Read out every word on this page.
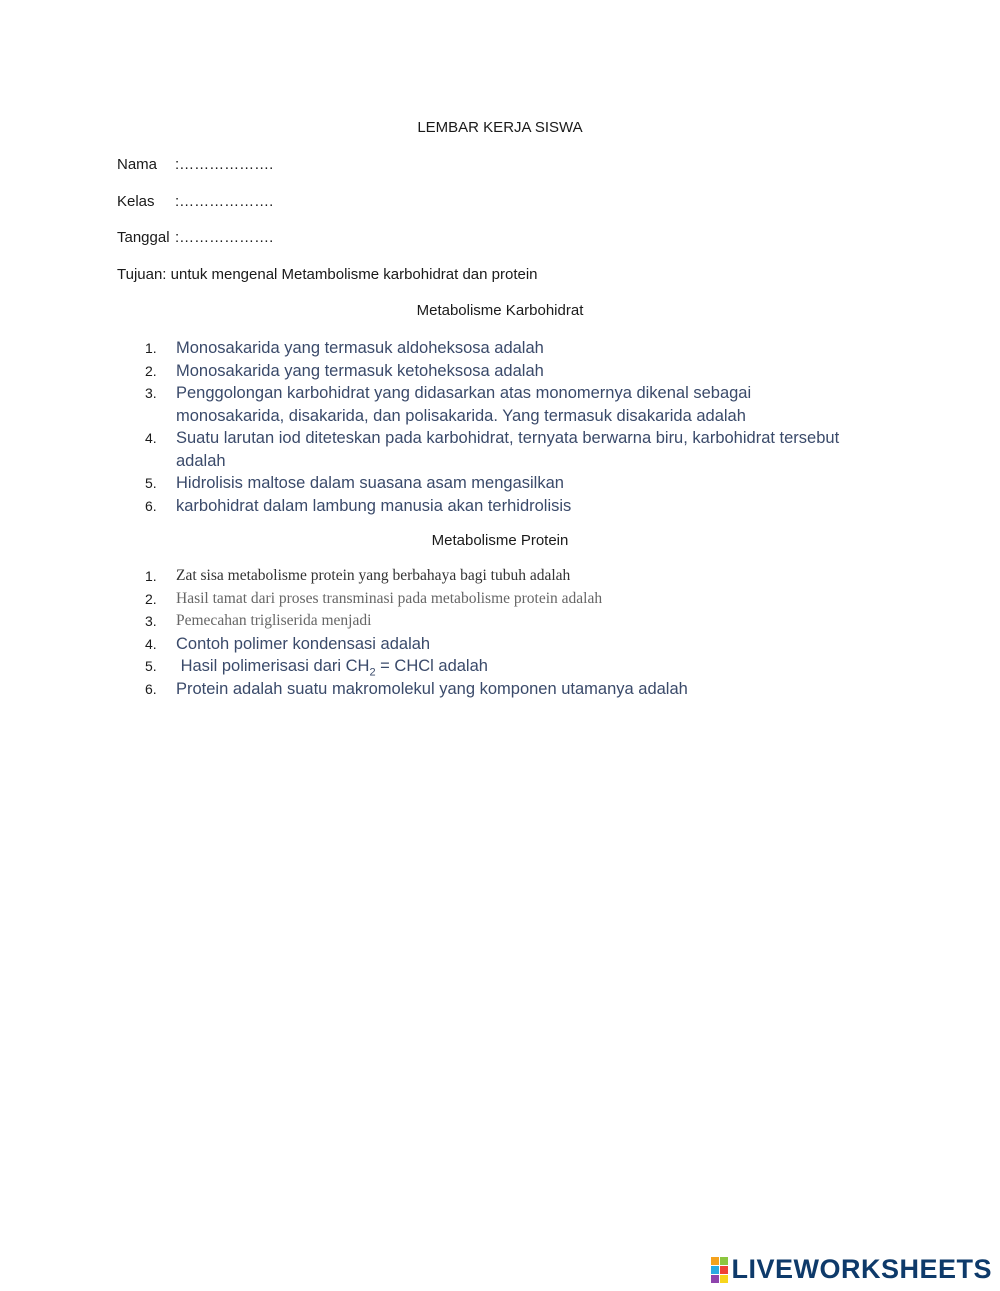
LEMBAR KERJA SISWA
Nama :……………….
Kelas :……………….
Tanggal :……………….
Tujuan: untuk mengenal Metambolisme karbohidrat dan protein
Metabolisme Karbohidrat
1. Monosakarida yang termasuk aldoheksosa adalah
2. Monosakarida yang termasuk ketoheksosa adalah
3. Penggolongan karbohidrat yang didasarkan atas monomernya dikenal sebagai monosakarida, disakarida, dan polisakarida. Yang termasuk disakarida adalah
4. Suatu larutan iod diteteskan pada karbohidrat, ternyata berwarna biru, karbohidrat tersebut adalah
5. Hidrolisis maltose dalam suasana asam mengasilkan
6. karbohidrat dalam lambung manusia akan terhidrolisis
Metabolisme Protein
1. Zat sisa metabolisme protein yang berbahaya bagi tubuh adalah
2. Hasil tamat dari proses transminasi pada metabolisme protein adalah
3. Pemecahan trigliserida menjadi
4. Contoh polimer kondensasi adalah
5. Hasil polimerisasi dari $CH_2$ = CHCl adalah
6. Protein adalah suatu makromolekul yang komponen utamanya adalah
LIVEWORKSHEETS
